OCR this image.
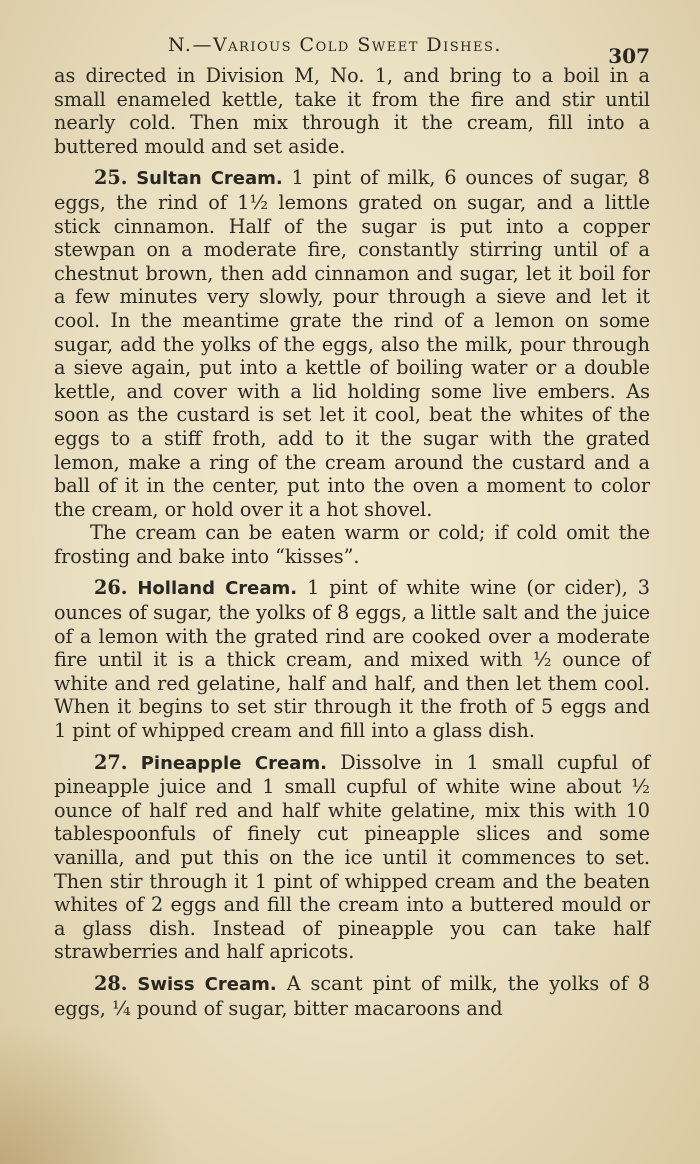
N.—Various Cold Sweet Dishes.	307

as directed in Division M, No. 1, and bring to a boil in a small enameled kettle, take it from the fire and stir until nearly cold. Then mix through it the cream, fill into a buttered mould and set aside.

25. Sultan Cream. 1 pint of milk, 6 ounces of sugar, 8 eggs, the rind of 1½ lemons grated on sugar, and a little stick cinnamon. Half of the sugar is put into a copper stewpan on a moderate fire, constantly stirring until of a chestnut brown, then add cinnamon and sugar, let it boil for a few minutes very slowly, pour through a sieve and let it cool. In the meantime grate the rind of a lemon on some sugar, add the yolks of the eggs, also the milk, pour through a sieve again, put into a kettle of boiling water or a double kettle, and cover with a lid holding some live embers. As soon as the custard is set let it cool, beat the whites of the eggs to a stiff froth, add to it the sugar with the grated lemon, make a ring of the cream around the custard and a ball of it in the center, put into the oven a moment to color the cream, or hold over it a hot shovel.

The cream can be eaten warm or cold; if cold omit the frosting and bake into “kisses”.

26. Holland Cream. 1 pint of white wine (or cider), 3 ounces of sugar, the yolks of 8 eggs, a little salt and the juice of a lemon with the grated rind are cooked over a moderate fire until it is a thick cream, and mixed with ½ ounce of white and red gelatine, half and half, and then let them cool. When it begins to set stir through it the froth of 5 eggs and 1 pint of whipped cream and fill into a glass dish.

27. Pineapple Cream. Dissolve in 1 small cupful of pineapple juice and 1 small cupful of white wine about ½ ounce of half red and half white gelatine, mix this with 10 tablespoonfuls of finely cut pineapple slices and some vanilla, and put this on the ice until it commences to set. Then stir through it 1 pint of whipped cream and the beaten whites of 2 eggs and fill the cream into a buttered mould or a glass dish. Instead of pineapple you can take half strawberries and half apricots.

28. Swiss Cream. A scant pint of milk, the yolks of 8 eggs, ¼ pound of sugar, bitter macaroons and
